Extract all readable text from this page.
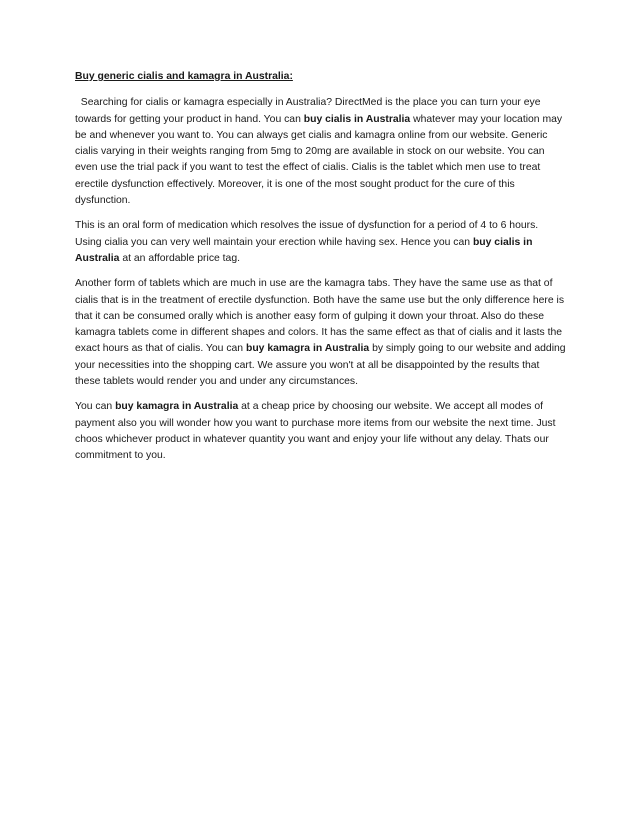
Buy generic cialis and kamagra in Australia:

Searching for cialis or kamagra especially in Australia? DirectMed is the place you can turn your eye towards for getting your product in hand. You can buy cialis in Australia whatever may your location may be and whenever you want to. You can always get cialis and kamagra online from our website. Generic cialis varying in their weights ranging from 5mg to 20mg are available in stock on our website. You can even use the trial pack if you want to test the effect of cialis. Cialis is the tablet which men use to treat erectile dysfunction effectively. Moreover, it is one of the most sought product for the cure of this dysfunction.

This is an oral form of medication which resolves the issue of dysfunction for a period of 4 to 6 hours. Using cialia you can very well maintain your erection while having sex. Hence you can buy cialis in Australia at an affordable price tag.

Another form of tablets which are much in use are the kamagra tabs. They have the same use as that of cialis that is in the treatment of erectile dysfunction. Both have the same use but the only difference here is that it can be consumed orally which is another easy form of gulping it down your throat. Also do these kamagra tablets come in different shapes and colors. It has the same effect as that of cialis and it lasts the exact hours as that of cialis. You can buy kamagra in Australia by simply going to our website and adding your necessities into the shopping cart. We assure you won't at all be disappointed by the results that these tablets would render you and under any circumstances.

You can buy kamagra in Australia at a cheap price by choosing our website. We accept all modes of payment also you will wonder how you want to purchase more items from our website the next time. Just choos whichever product in whatever quantity you want and enjoy your life without any delay. Thats our commitment to you.
